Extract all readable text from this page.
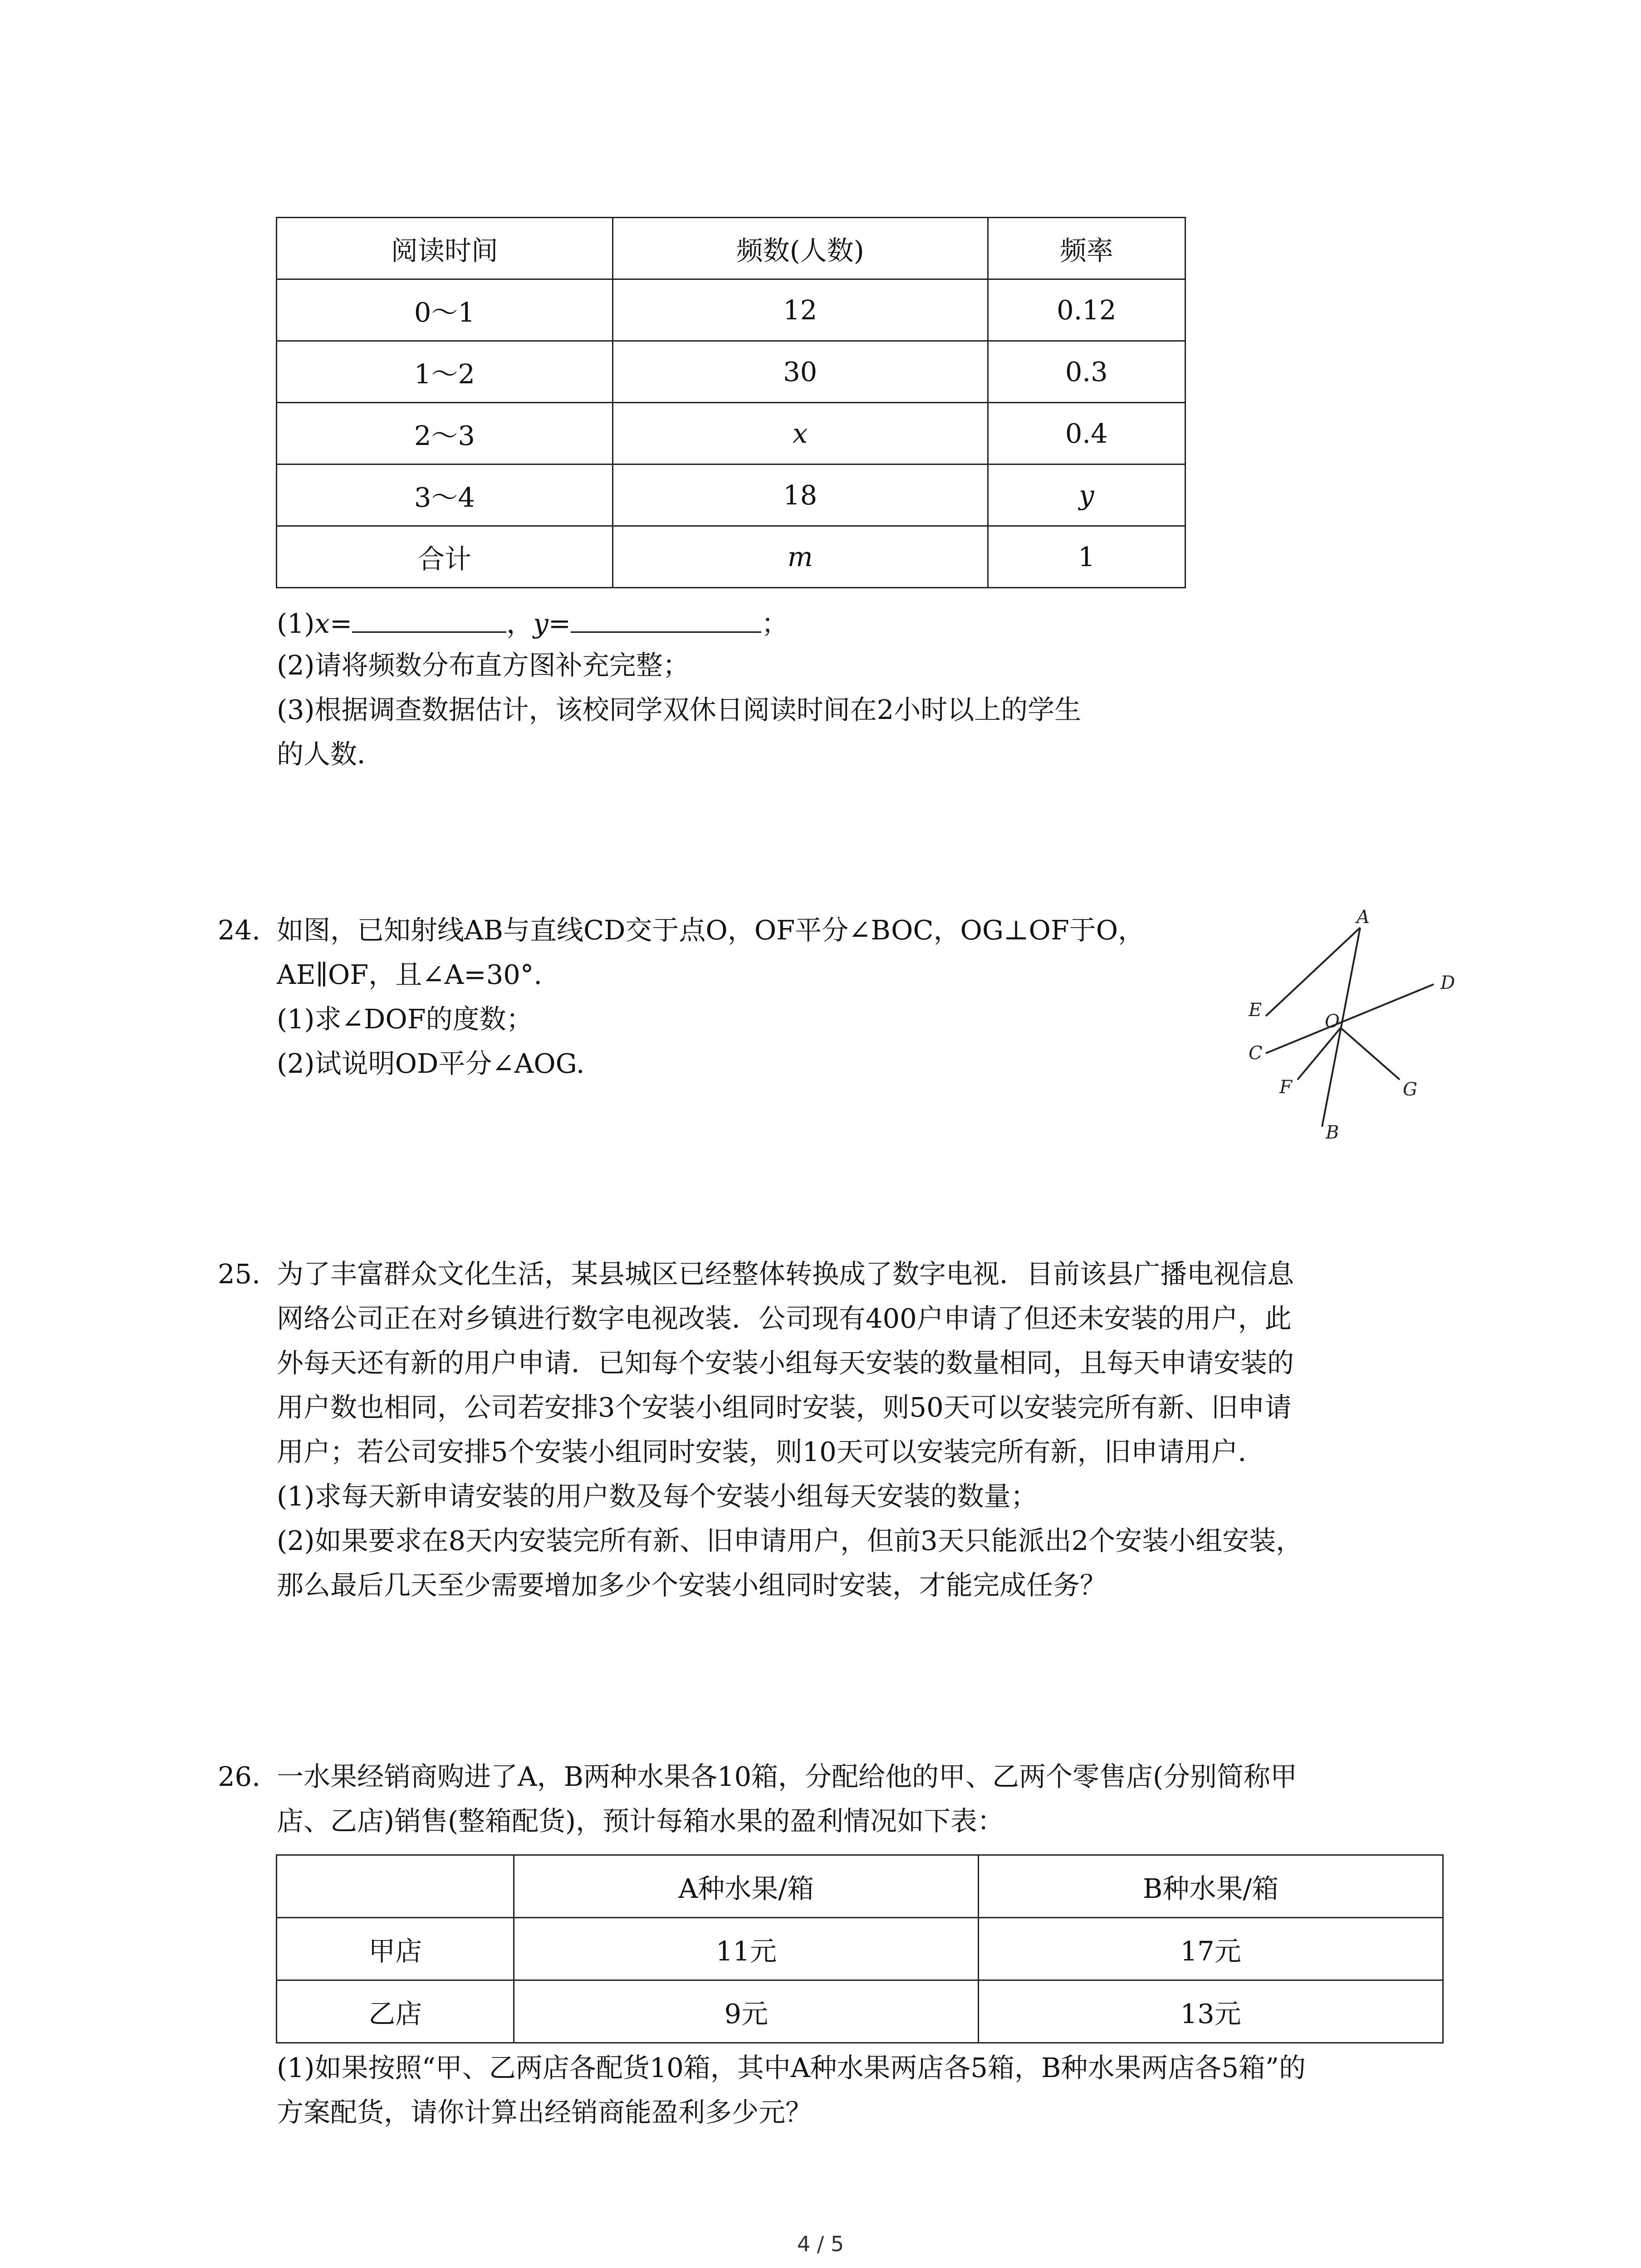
阅读时间	频数(人数)	频率
0～1	12	0.12
1～2	30	0.3
2～3	x	0.4
3～4	18	y
合计	m	1
(1)x=	，y=	；
(2)请将频数分布直方图补充完整；
(3)根据调查数据估计，该校同学双休日阅读时间在2小时以上的学生
的人数．
24. 如图，已知射线AB与直线CD交于点O，OF平分∠BOC，OG⊥OF于O，
AE∥OF，且∠A=30°.
(1)求∠DOF的度数；
(2)试说明OD平分∠AOG.
A
D
E
O
C
F	G
B
25. 为了丰富群众文化生活，某县城区已经整体转换成了数字电视．目前该县广播电视信息
网络公司正在对乡镇进行数字电视改装．公司现有400户申请了但还未安装的用户，此
外每天还有新的用户申请．已知每个安装小组每天安装的数量相同，且每天申请安装的
用户数也相同，公司若安排3个安装小组同时安装，则50天可以安装完所有新、旧申请
用户；若公司安排5个安装小组同时安装，则10天可以安装完所有新，旧申请用户．
(1)求每天新申请安装的用户数及每个安装小组每天安装的数量；
(2)如果要求在8天内安装完所有新、旧申请用户，但前3天只能派出2个安装小组安装，
那么最后几天至少需要增加多少个安装小组同时安装，才能完成任务？
26. 一水果经销商购进了A，B两种水果各10箱，分配给他的甲、乙两个零售店(分别简称甲
店、乙店)销售(整箱配货)，预计每箱水果的盈利情况如下表：
	A种水果/箱	B种水果/箱
甲店	11元	17元
乙店	9元	13元
(1)如果按照“甲、乙两店各配货10箱，其中A种水果两店各5箱，B种水果两店各5箱”的
方案配货，请你计算出经销商能盈利多少元？
4 / 5
